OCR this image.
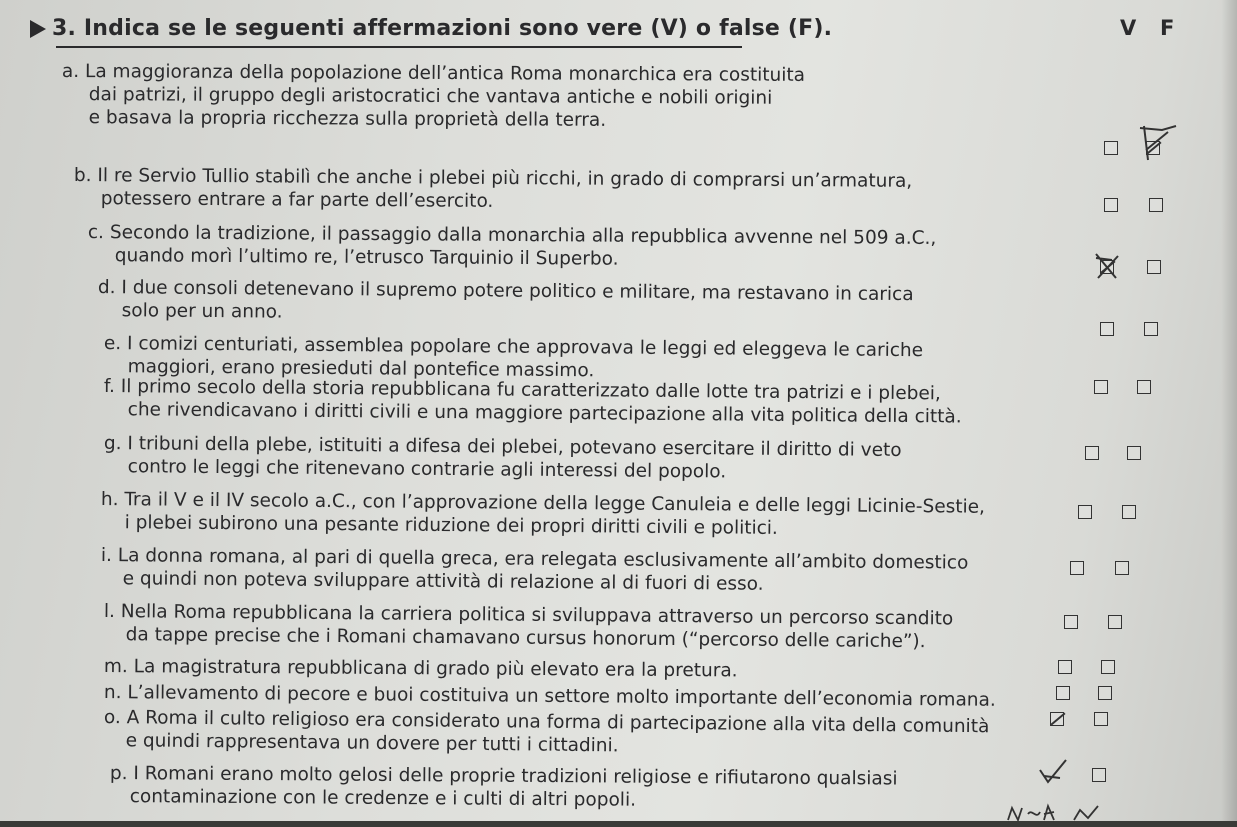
3. Indica se le seguenti affermazioni sono vere (V) o false (F).	V F
a. La maggioranza della popolazione dell’antica Roma monarchica era costituita
dai patrizi, il gruppo degli aristocratici che vantava antiche e nobili origini
e basava la propria ricchezza sulla proprietà della terra.
b. Il re Servio Tullio stabilì che anche i plebei più ricchi, in grado di comprarsi un’armatura,
potessero entrare a far parte dell’esercito.
c. Secondo la tradizione, il passaggio dalla monarchia alla repubblica avvenne nel 509 a.C.,
quando morì l’ultimo re, l’etrusco Tarquinio il Superbo.
d. I due consoli detenevano il supremo potere politico e militare, ma restavano in carica
solo per un anno.
e. I comizi centuriati, assemblea popolare che approvava le leggi ed eleggeva le cariche
maggiori, erano presieduti dal pontefice massimo.
f. Il primo secolo della storia repubblicana fu caratterizzato dalle lotte tra patrizi e i plebei,
che rivendicavano i diritti civili e una maggiore partecipazione alla vita politica della città.
g. I tribuni della plebe, istituiti a difesa dei plebei, potevano esercitare il diritto di veto
contro le leggi che ritenevano contrarie agli interessi del popolo.
h. Tra il V e il IV secolo a.C., con l’approvazione della legge Canuleia e delle leggi Licinie-Sestie,
i plebei subirono una pesante riduzione dei propri diritti civili e politici.
i. La donna romana, al pari di quella greca, era relegata esclusivamente all’ambito domestico
e quindi non poteva sviluppare attività di relazione al di fuori di esso.
l. Nella Roma repubblicana la carriera politica si sviluppava attraverso un percorso scandito
da tappe precise che i Romani chamavano cursus honorum (“percorso delle cariche”).
m. La magistratura repubblicana di grado più elevato era la pretura.
n. L’allevamento di pecore e buoi costituiva un settore molto importante dell’economia romana.
o. A Roma il culto religioso era considerato una forma di partecipazione alla vita della comunità
e quindi rappresentava un dovere per tutti i cittadini.
p. I Romani erano molto gelosi delle proprie tradizioni religiose e rifiutarono qualsiasi
contaminazione con le credenze e i culti di altri popoli.
